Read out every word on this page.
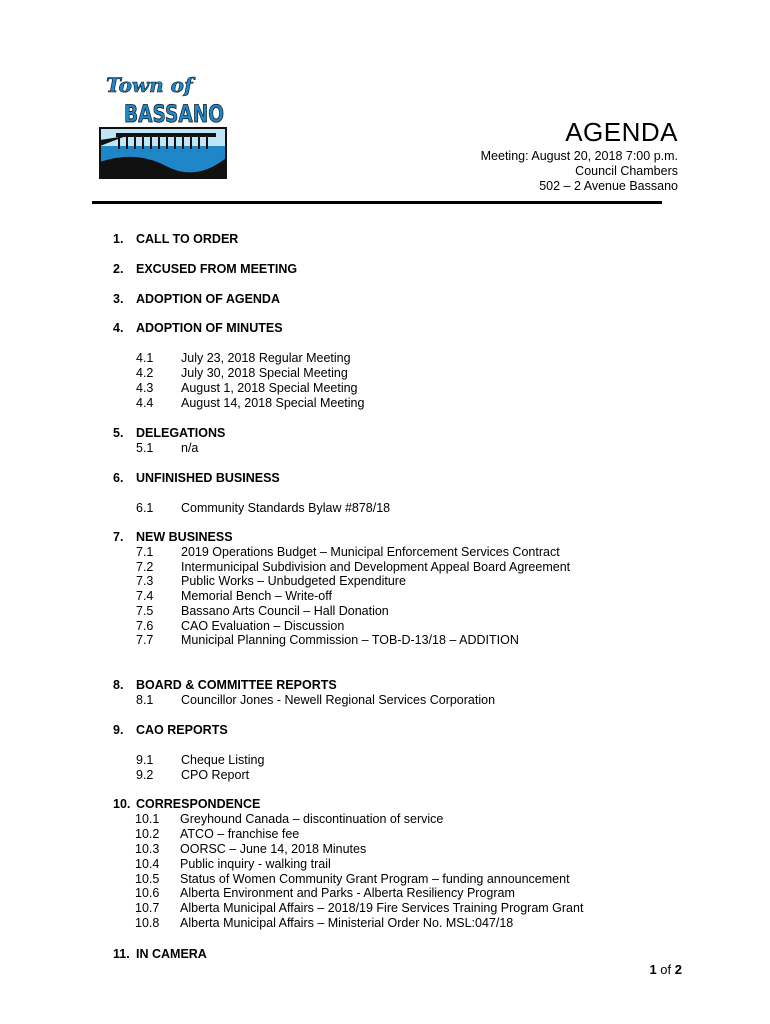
Town of
BASSANO
AGENDA
Meeting: August 20, 2018 7:00 p.m.
Council Chambers
502 – 2 Avenue Bassano
1. CALL TO ORDER
2. EXCUSED FROM MEETING
3. ADOPTION OF AGENDA
4. ADOPTION OF MINUTES
4.1 July 23, 2018 Regular Meeting
4.2 July 30, 2018 Special Meeting
4.3 August 1, 2018 Special Meeting
4.4 August 14, 2018 Special Meeting
5. DELEGATIONS
5.1 n/a
6. UNFINISHED BUSINESS
6.1 Community Standards Bylaw #878/18
7. NEW BUSINESS
7.1 2019 Operations Budget – Municipal Enforcement Services Contract
7.2 Intermunicipal Subdivision and Development Appeal Board Agreement
7.3 Public Works – Unbudgeted Expenditure
7.4 Memorial Bench – Write-off
7.5 Bassano Arts Council – Hall Donation
7.6 CAO Evaluation – Discussion
7.7 Municipal Planning Commission – TOB-D-13/18 – ADDITION
8. BOARD & COMMITTEE REPORTS
8.1 Councillor Jones - Newell Regional Services Corporation
9. CAO REPORTS
9.1 Cheque Listing
9.2 CPO Report
10. CORRESPONDENCE
10.1 Greyhound Canada – discontinuation of service
10.2 ATCO – franchise fee
10.3 OORSC – June 14, 2018 Minutes
10.4 Public inquiry - walking trail
10.5 Status of Women Community Grant Program – funding announcement
10.6 Alberta Environment and Parks - Alberta Resiliency Program
10.7 Alberta Municipal Affairs – 2018/19 Fire Services Training Program Grant
10.8 Alberta Municipal Affairs – Ministerial Order No. MSL:047/18
11. IN CAMERA
1 of 2
